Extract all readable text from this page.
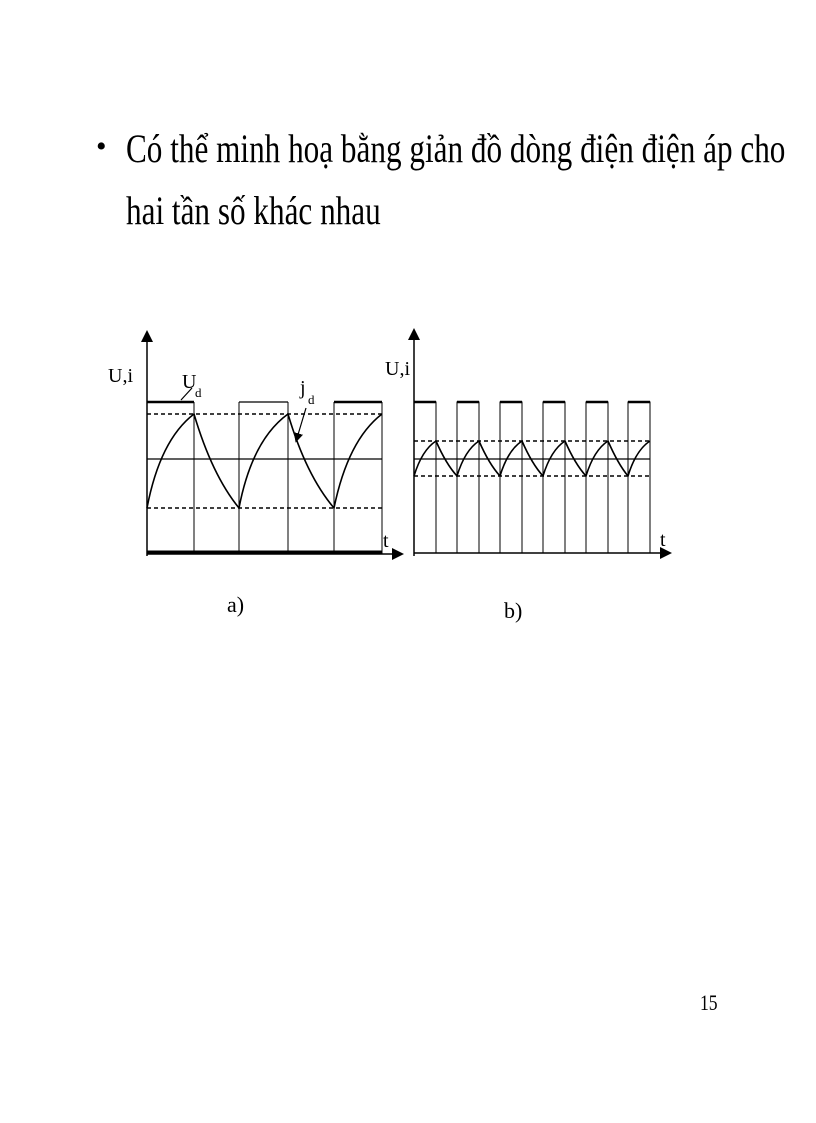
• Có thể minh hoạ bằng giản đồ dòng điện điện áp cho
hai tần số khác nhau
U,i U
d	j
d
t
a)
U,i
t
b)
15
